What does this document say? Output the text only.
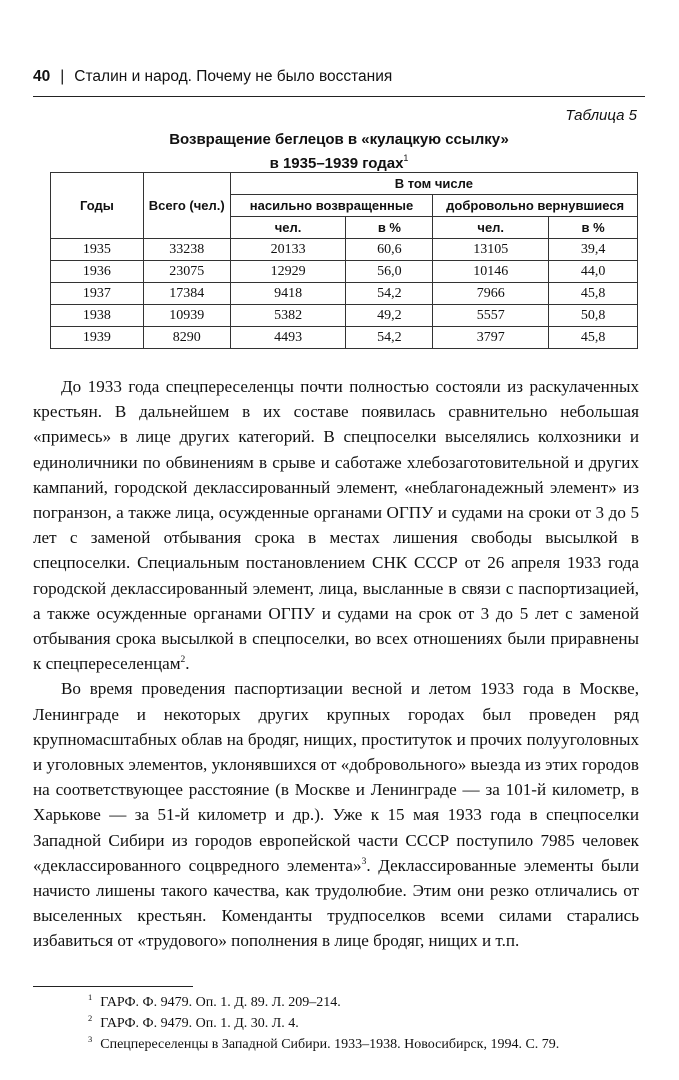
40 | Сталин и народ. Почему не было восстания
Таблица 5
Возвращение беглецов в «кулацкую ссылку»
в 1935–1939 годах$^1$
Годы	Всего (чел.)	В том числе			
		насильно возвращенные		добровольно вернувшиеся	
		чел.	в %	чел.	в %
1935	33238	20133	60,6	13105	39,4
1936	23075	12929	56,0	10146	44,0
1937	17384	9418	54,2	7966	45,8
1938	10939	5382	49,2	5557	50,8
1939	8290	4493	54,2	3797	45,8

До 1933 года спецпереселенцы почти полностью состояли из раскулаченных крестьян. В дальнейшем в их составе появилась сравнительно небольшая «примесь» в лице других категорий. В спецпоселки выселялись колхозники и единоличники по обвинениям в срыве и саботаже хлебозаготовительной и других кампаний, городской деклассированный элемент, «неблагонадежный элемент» из погранзон, а также лица, осужденные органами ОГПУ и судами на сроки от 3 до 5 лет с заменой отбывания срока в местах лишения свободы высылкой в спецпоселки. Специальным постановлением СНК СССР от 26 апреля 1933 года городской деклассированный элемент, лица, высланные в связи с паспортизацией, а также осужденные органами ОГПУ и судами на срок от 3 до 5 лет с заменой отбывания срока высылкой в спецпоселки, во всех отношениях были приравнены к спецпереселенцам$^2$.

Во время проведения паспортизации весной и летом 1933 года в Москве, Ленинграде и некоторых других крупных городах был проведен ряд крупномасштабных облав на бродяг, нищих, проституток и прочих полууголовных и уголовных элементов, уклонявшихся от «добровольного» выезда из этих городов на соответствующее расстояние (в Москве и Ленинграде — за 101-й километр, в Харькове — за 51-й километр и др.). Уже к 15 мая 1933 года в спецпоселки Западной Сибири из городов европейской части СССР поступило 7985 человек «деклассированного соцвредного элемента»$^3$. Деклассированные элементы были начисто лишены такого качества, как трудолюбие. Этим они резко отличались от выселенных крестьян. Коменданты трудпоселков всеми силами старались избавиться от «трудового» пополнения в лице бродяг, нищих и т.п.

$^1$ ГАРФ. Ф. 9479. Оп. 1. Д. 89. Л. 209–214.
$^2$ ГАРФ. Ф. 9479. Оп. 1. Д. 30. Л. 4.
$^3$ Спецпереселенцы в Западной Сибири. 1933–1938. Новосибирск, 1994. С. 79.
